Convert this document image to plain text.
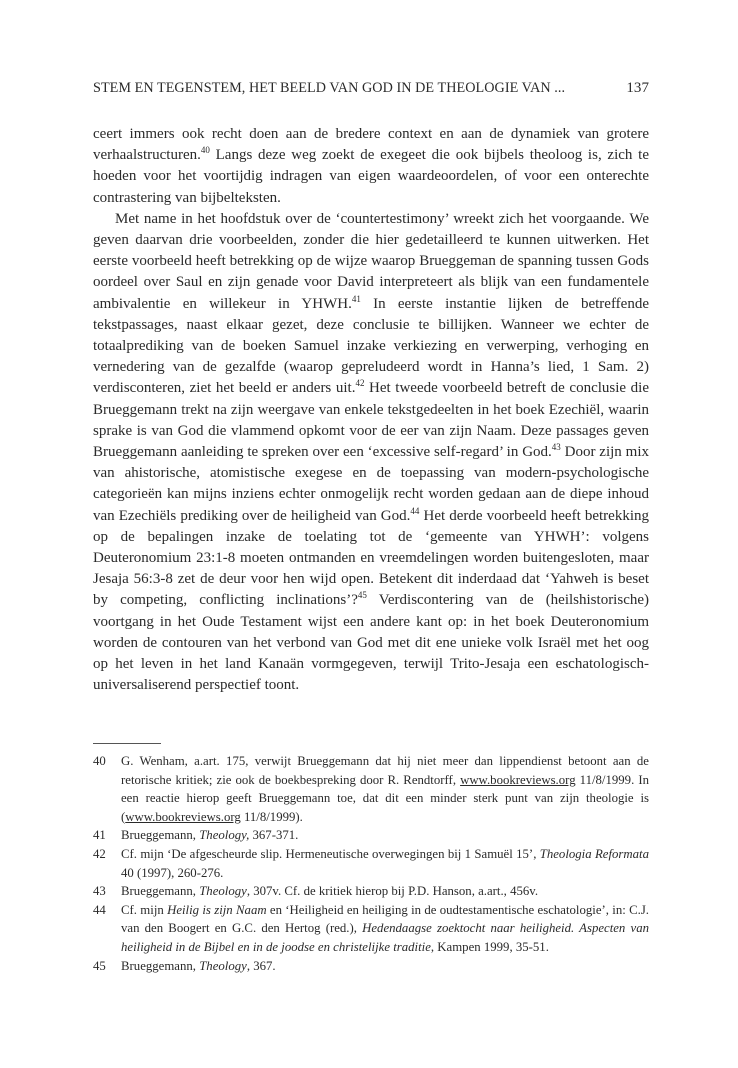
STEM EN TEGENSTEM, HET BEELD VAN GOD IN DE THEOLOGIE VAN ...	137

ceert immers ook recht doen aan de bredere context en aan de dynamiek van grotere verhaalstructuren.$^{40}$ Langs deze weg zoekt de exegeet die ook bijbels theoloog is, zich te hoeden voor het voortijdig indragen van eigen waardeoordelen, of voor een onterechte contrastering van bijbelteksten.

Met name in het hoofdstuk over de ‘countertestimony’ wreekt zich het voorgaande. We geven daarvan drie voorbeelden, zonder die hier gedetailleerd te kunnen uitwerken. Het eerste voorbeeld heeft betrekking op de wijze waarop Brueggeman de spanning tussen Gods oordeel over Saul en zijn genade voor David interpreteert als blijk van een fundamentele ambivalentie en willekeur in YHWH.$^{41}$ In eerste instantie lijken de betreffende tekstpassages, naast elkaar gezet, deze conclusie te billijken. Wanneer we echter de totaalprediking van de boeken Samuel inzake verkiezing en verwerping, verhoging en vernedering van de gezalfde (waarop gepreludeerd wordt in Hanna’s lied, 1 Sam. 2) verdisconteren, ziet het beeld er anders uit.$^{42}$ Het tweede voorbeeld betreft de conclusie die Brueggemann trekt na zijn weergave van enkele tekstgedeelten in het boek Ezechiël, waarin sprake is van God die vlammend opkomt voor de eer van zijn Naam. Deze passages geven Brueggemann aanleiding te spreken over een ‘excessive self-regard’ in God.$^{43}$ Door zijn mix van ahistorische, atomistische exegese en de toepassing van modern-psychologische categorieën kan mijns inziens echter onmogelijk recht worden gedaan aan de diepe inhoud van Ezechiëls prediking over de heiligheid van God.$^{44}$ Het derde voorbeeld heeft betrekking op de bepalingen inzake de toelating tot de ‘gemeente van YHWH’: volgens Deuteronomium 23:1-8 moeten ontmanden en vreemdelingen worden buitengesloten, maar Jesaja 56:3-8 zet de deur voor hen wijd open. Betekent dit inderdaad dat ‘Yahweh is beset by competing, conflicting inclinations’?$^{45}$ Verdiscontering van de (heilshistorische) voortgang in het Oude Testament wijst een andere kant op: in het boek Deuteronomium worden de contouren van het verbond van God met dit ene unieke volk Israël met het oog op het leven in het land Kanaän vormgegeven, terwijl Trito-Jesaja een eschatologisch-universaliserend perspectief toont.

40 G. Wenham, a.art. 175, verwijt Brueggemann dat hij niet meer dan lippendienst betoont aan de retorische kritiek; zie ook de boekbespreking door R. Rendtorff, www.bookreviews.org 11/8/1999. In een reactie hierop geeft Brueggemann toe, dat dit een minder sterk punt van zijn theologie is (www.bookreviews.org 11/8/1999).
41 Brueggemann, Theology, 367-371.
42 Cf. mijn ‘De afgescheurde slip. Hermeneutische overwegingen bij 1 Samuël 15’, Theologia Reformata 40 (1997), 260-276.
43 Brueggemann, Theology, 307v. Cf. de kritiek hierop bij P.D. Hanson, a.art., 456v.
44 Cf. mijn Heilig is zijn Naam en ‘Heiligheid en heiliging in de oudtestamentische eschatologie’, in: C.J. van den Boogert en G.C. den Hertog (red.), Hedendaagse zoektocht naar heiligheid. Aspecten van heiligheid in de Bijbel en in de joodse en christelijke traditie, Kampen 1999, 35-51.
45 Brueggemann, Theology, 367.
